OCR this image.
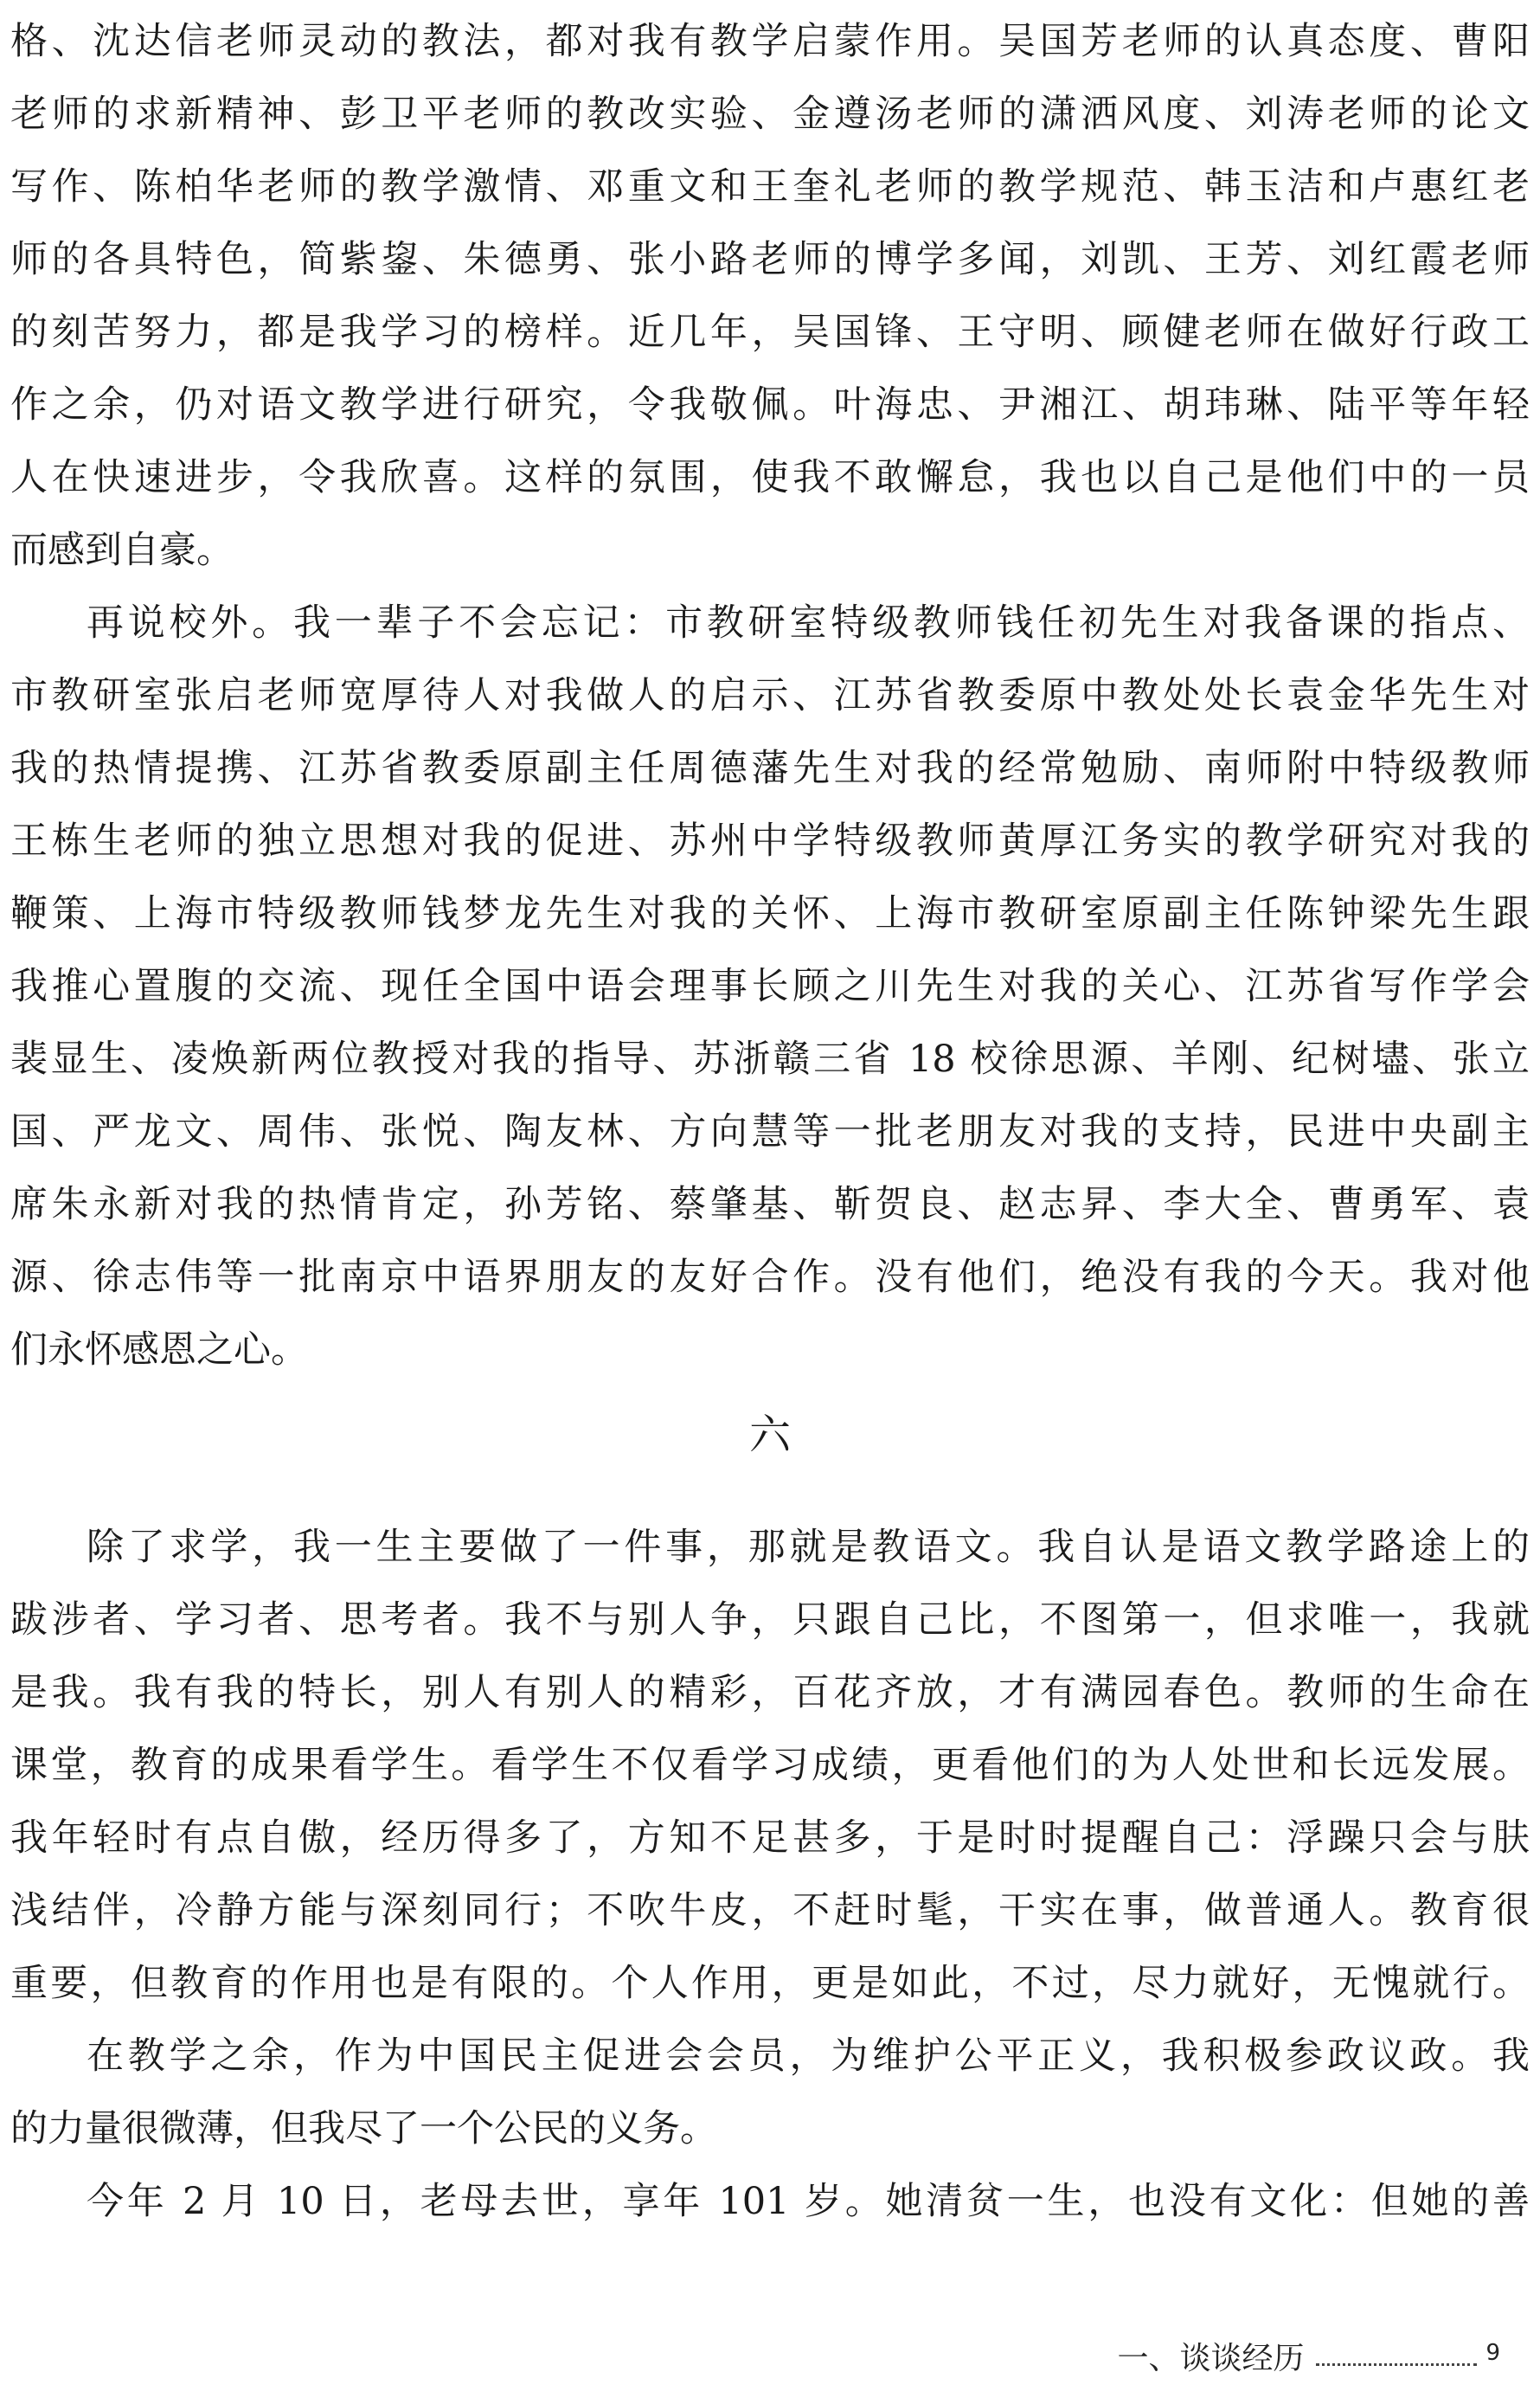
格、沈达信老师灵动的教法，都对我有教学启蒙作用。吴国芳老师的认真态度、曹阳
老师的求新精神、彭卫平老师的教改实验、金遵汤老师的潇洒风度、刘涛老师的论文
写作、陈柏华老师的教学激情、邓重文和王奎礼老师的教学规范、韩玉洁和卢惠红老
师的各具特色，简紫鋆、朱德勇、张小路老师的博学多闻，刘凯、王芳、刘红霞老师
的刻苦努力，都是我学习的榜样。近几年，吴国锋、王守明、顾健老师在做好行政工
作之余，仍对语文教学进行研究，令我敬佩。叶海忠、尹湘江、胡玮琳、陆平等年轻
人在快速进步，令我欣喜。这样的氛围，使我不敢懈怠，我也以自己是他们中的一员
而感到自豪。
再说校外。我一辈子不会忘记：市教研室特级教师钱任初先生对我备课的指点、
市教研室张启老师宽厚待人对我做人的启示、江苏省教委原中教处处长袁金华先生对
我的热情提携、江苏省教委原副主任周德藩先生对我的经常勉励、南师附中特级教师
王栋生老师的独立思想对我的促进、苏州中学特级教师黄厚江务实的教学研究对我的
鞭策、上海市特级教师钱梦龙先生对我的关怀、上海市教研室原副主任陈钟梁先生跟
我推心置腹的交流、现任全国中语会理事长顾之川先生对我的关心、江苏省写作学会
裴显生、凌焕新两位教授对我的指导、苏浙赣三省 18 校徐思源、羊刚、纪树壗、张立
国、严龙文、周伟、张悦、陶友林、方向慧等一批老朋友对我的支持，民进中央副主
席朱永新对我的热情肯定，孙芳铭、蔡肇基、靳贺良、赵志昇、李大全、曹勇军、袁
源、徐志伟等一批南京中语界朋友的友好合作。没有他们，绝没有我的今天。我对他
们永怀感恩之心。
六
除了求学，我一生主要做了一件事，那就是教语文。我自认是语文教学路途上的
跋涉者、学习者、思考者。我不与别人争，只跟自己比，不图第一，但求唯一，我就
是我。我有我的特长，别人有别人的精彩，百花齐放，才有满园春色。教师的生命在
课堂，教育的成果看学生。看学生不仅看学习成绩，更看他们的为人处世和长远发展。
我年轻时有点自傲，经历得多了，方知不足甚多，于是时时提醒自己：浮躁只会与肤
浅结伴，冷静方能与深刻同行；不吹牛皮，不赶时髦，干实在事，做普通人。教育很
重要，但教育的作用也是有限的。个人作用，更是如此，不过，尽力就好，无愧就行。
在教学之余，作为中国民主促进会会员，为维护公平正义，我积极参政议政。我
的力量很微薄，但我尽了一个公民的义务。
今年 2 月 10 日，老母去世，享年 101 岁。她清贫一生，也没有文化：但她的善
一、谈谈经历	9
